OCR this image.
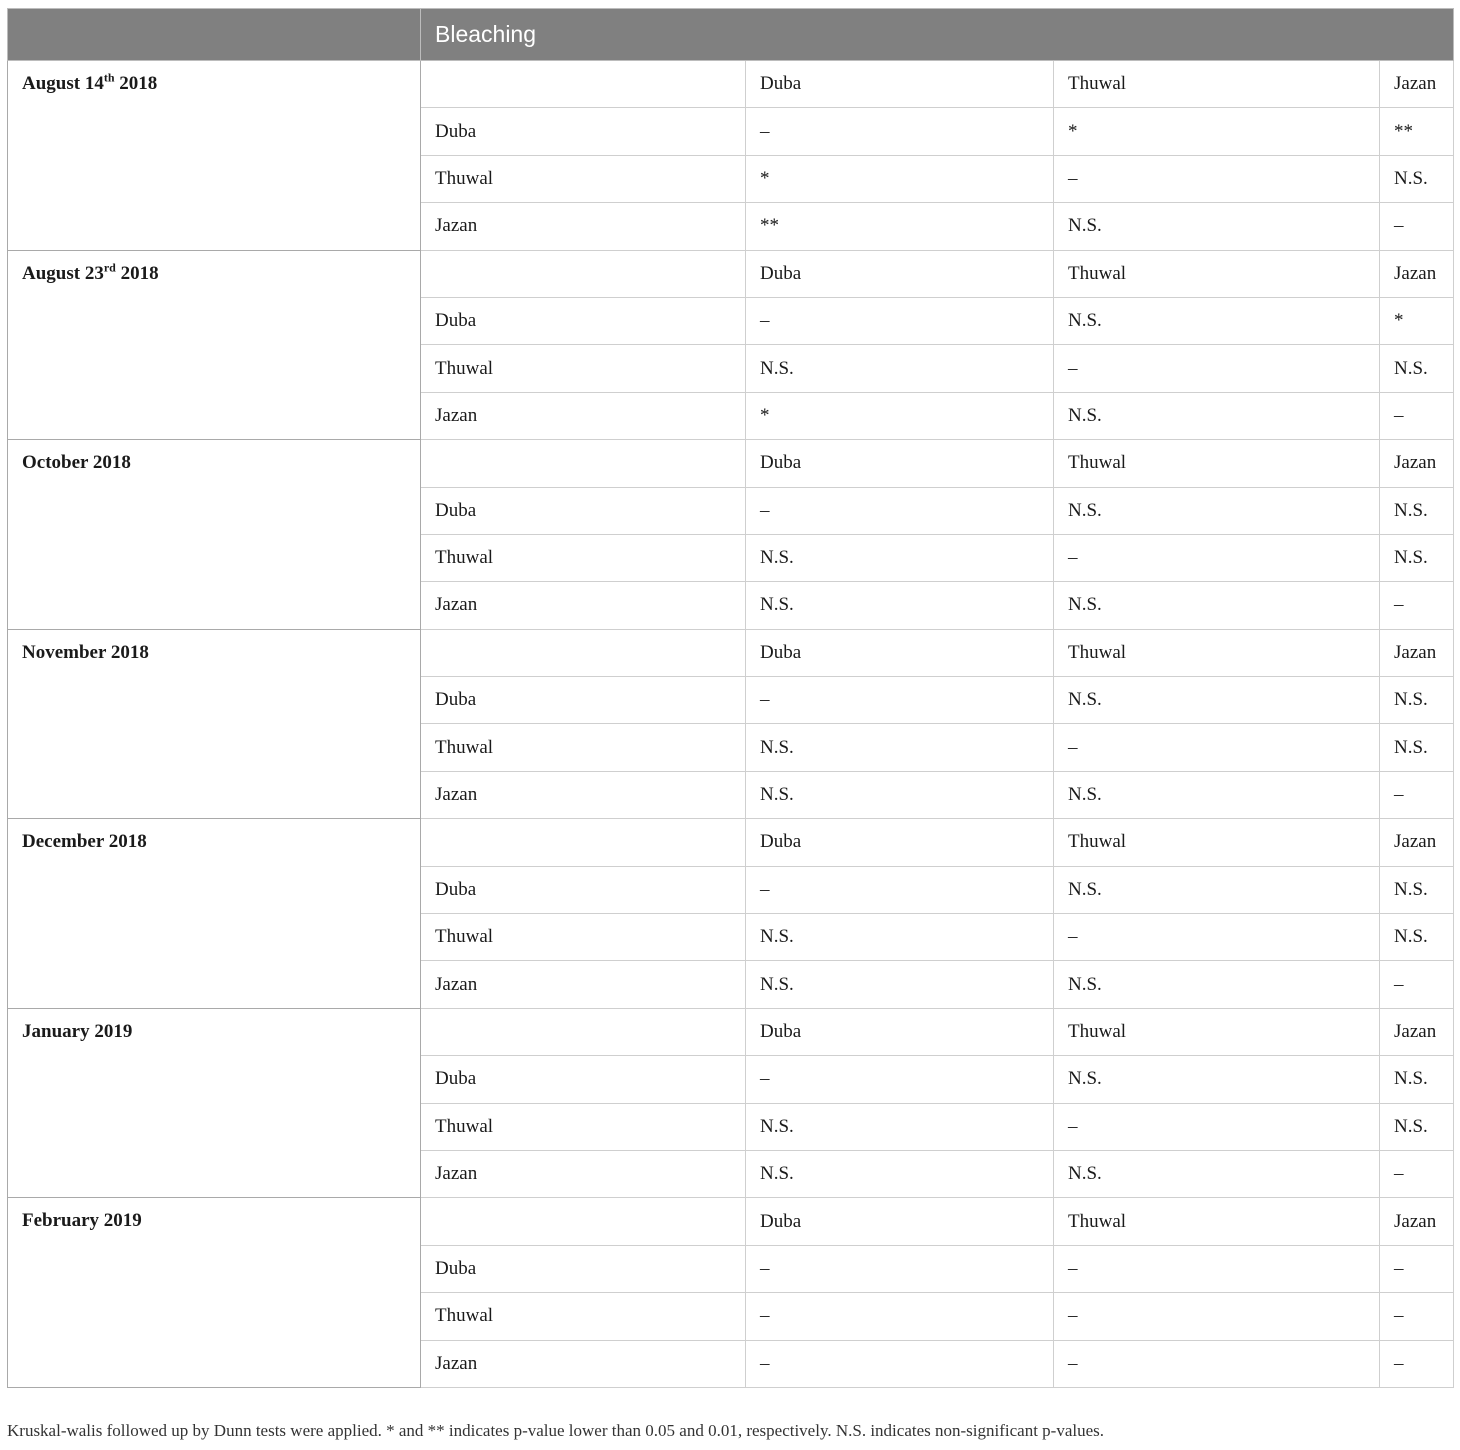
	Bleaching			
August 14th 2018		Duba	Thuwal	Jazan
	Duba	–	*	**
	Thuwal	*	–	N.S.
	Jazan	**	N.S.	–
August 23rd 2018		Duba	Thuwal	Jazan
	Duba	–	N.S.	*
	Thuwal	N.S.	–	N.S.
	Jazan	*	N.S.	–
October 2018		Duba	Thuwal	Jazan
	Duba	–	N.S.	N.S.
	Thuwal	N.S.	–	N.S.
	Jazan	N.S.	N.S.	–
November 2018		Duba	Thuwal	Jazan
	Duba	–	N.S.	N.S.
	Thuwal	N.S.	–	N.S.
	Jazan	N.S.	N.S.	–
December 2018		Duba	Thuwal	Jazan
	Duba	–	N.S.	N.S.
	Thuwal	N.S.	–	N.S.
	Jazan	N.S.	N.S.	–
January 2019		Duba	Thuwal	Jazan
	Duba	–	N.S.	N.S.
	Thuwal	N.S.	–	N.S.
	Jazan	N.S.	N.S.	–
February 2019		Duba	Thuwal	Jazan
	Duba	–	–	–
	Thuwal	–	–	–
	Jazan	–	–	–

Kruskal-walis followed up by Dunn tests were applied. * and ** indicates p-value lower than 0.05 and 0.01, respectively. N.S. indicates non-significant p-values.
